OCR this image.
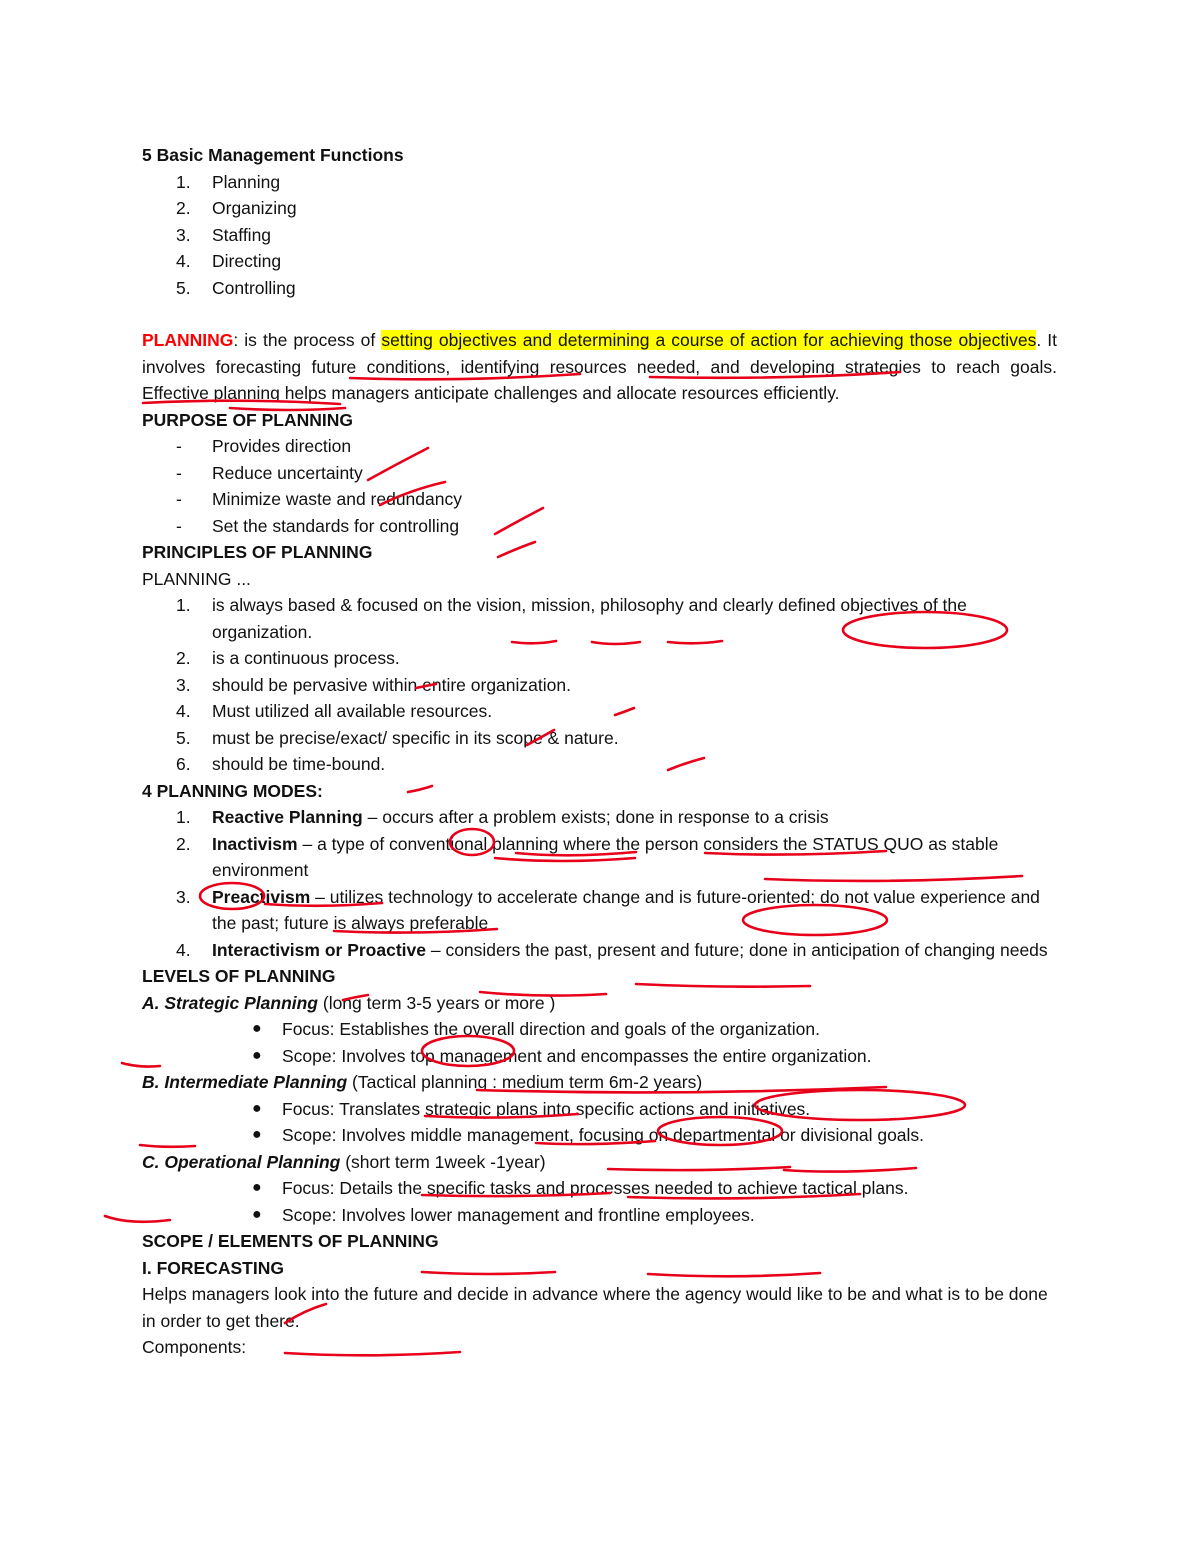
5 Basic Management Functions
1. Planning
2. Organizing
3. Staffing
4. Directing
5. Controlling
PLANNING: is the process of setting objectives and determining a course of action for achieving those objectives. It involves forecasting future conditions, identifying resources needed, and developing strategies to reach goals. Effective planning helps managers anticipate challenges and allocate resources efficiently.
PURPOSE OF PLANNING
- Provides direction
- Reduce uncertainty
- Minimize waste and redundancy
- Set the standards for controlling
PRINCIPLES OF PLANNING
PLANNING ...
1. is always based & focused on the vision, mission, philosophy and clearly defined objectives of the organization.
2. is a continuous process.
3. should be pervasive within entire organization.
4. Must utilized all available resources.
5. must be precise/exact/ specific in its scope & nature.
6. should be time-bound.
4 PLANNING MODES:
1. Reactive Planning – occurs after a problem exists; done in response to a crisis
2. Inactivism – a type of conventional planning where the person considers the STATUS QUO as stable environment
3. Preactivism – utilizes technology to accelerate change and is future-oriented; do not value experience and the past; future is always preferable
4. Interactivism or Proactive – considers the past, present and future; done in anticipation of changing needs
LEVELS OF PLANNING
A. Strategic Planning (long term 3-5 years or more )
● Focus: Establishes the overall direction and goals of the organization.
● Scope: Involves top management and encompasses the entire organization.
B. Intermediate Planning (Tactical planning : medium term 6m-2 years)
● Focus: Translates strategic plans into specific actions and initiatives.
● Scope: Involves middle management, focusing on departmental or divisional goals.
C. Operational Planning (short term 1week -1year)
● Focus: Details the specific tasks and processes needed to achieve tactical plans.
● Scope: Involves lower management and frontline employees.
SCOPE / ELEMENTS OF PLANNING
I. FORECASTING
Helps managers look into the future and decide in advance where the agency would like to be and what is to be done in order to get there.
Components:
